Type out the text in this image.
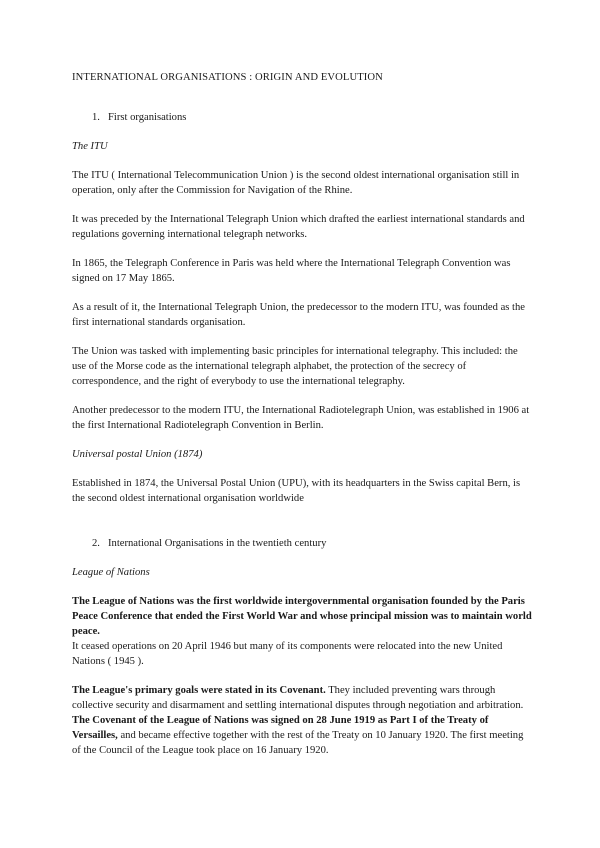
INTERNATIONAL ORGANISATIONS : ORIGIN AND EVOLUTION
1. First organisations
The ITU

The ITU ( International Telecommunication Union ) is the second oldest international organisation still in operation, only after the Commission for Navigation of the Rhine.

It was preceded by the International Telegraph Union which drafted the earliest international standards and regulations governing international telegraph networks.

In 1865, the Telegraph Conference in Paris was held where the International Telegraph Convention was signed on 17 May 1865.

As a result of it, the International Telegraph Union, the predecessor to the modern ITU, was founded as the first international standards organisation.

The Union was tasked with implementing basic principles for international telegraphy. This included: the use of the Morse code as the international telegraph alphabet, the protection of the secrecy of correspondence, and the right of everybody to use the international telegraphy.

Another predecessor to the modern ITU, the International Radiotelegraph Union, was established in 1906 at the first International Radiotelegraph Convention in Berlin.

Universal postal Union (1874)

Established in 1874, the Universal Postal Union (UPU), with its headquarters in the Swiss capital Bern, is the second oldest international organisation worldwide

2. International Organisations in the twentieth century
League of Nations

The League of Nations was the first worldwide intergovernmental organisation founded by the Paris Peace Conference that ended the First World War and whose principal mission was to maintain world peace.

It ceased operations on 20 April 1946 but many of its components were relocated into the new United Nations ( 1945 ).

The League's primary goals were stated in its Covenant. They included preventing wars through collective security and disarmament and settling international disputes through negotiation and arbitration.

The Covenant of the League of Nations was signed on 28 June 1919 as Part I of the Treaty of Versailles, and became effective together with the rest of the Treaty on 10 January 1920. The first meeting of the Council of the League took place on 16 January 1920.
